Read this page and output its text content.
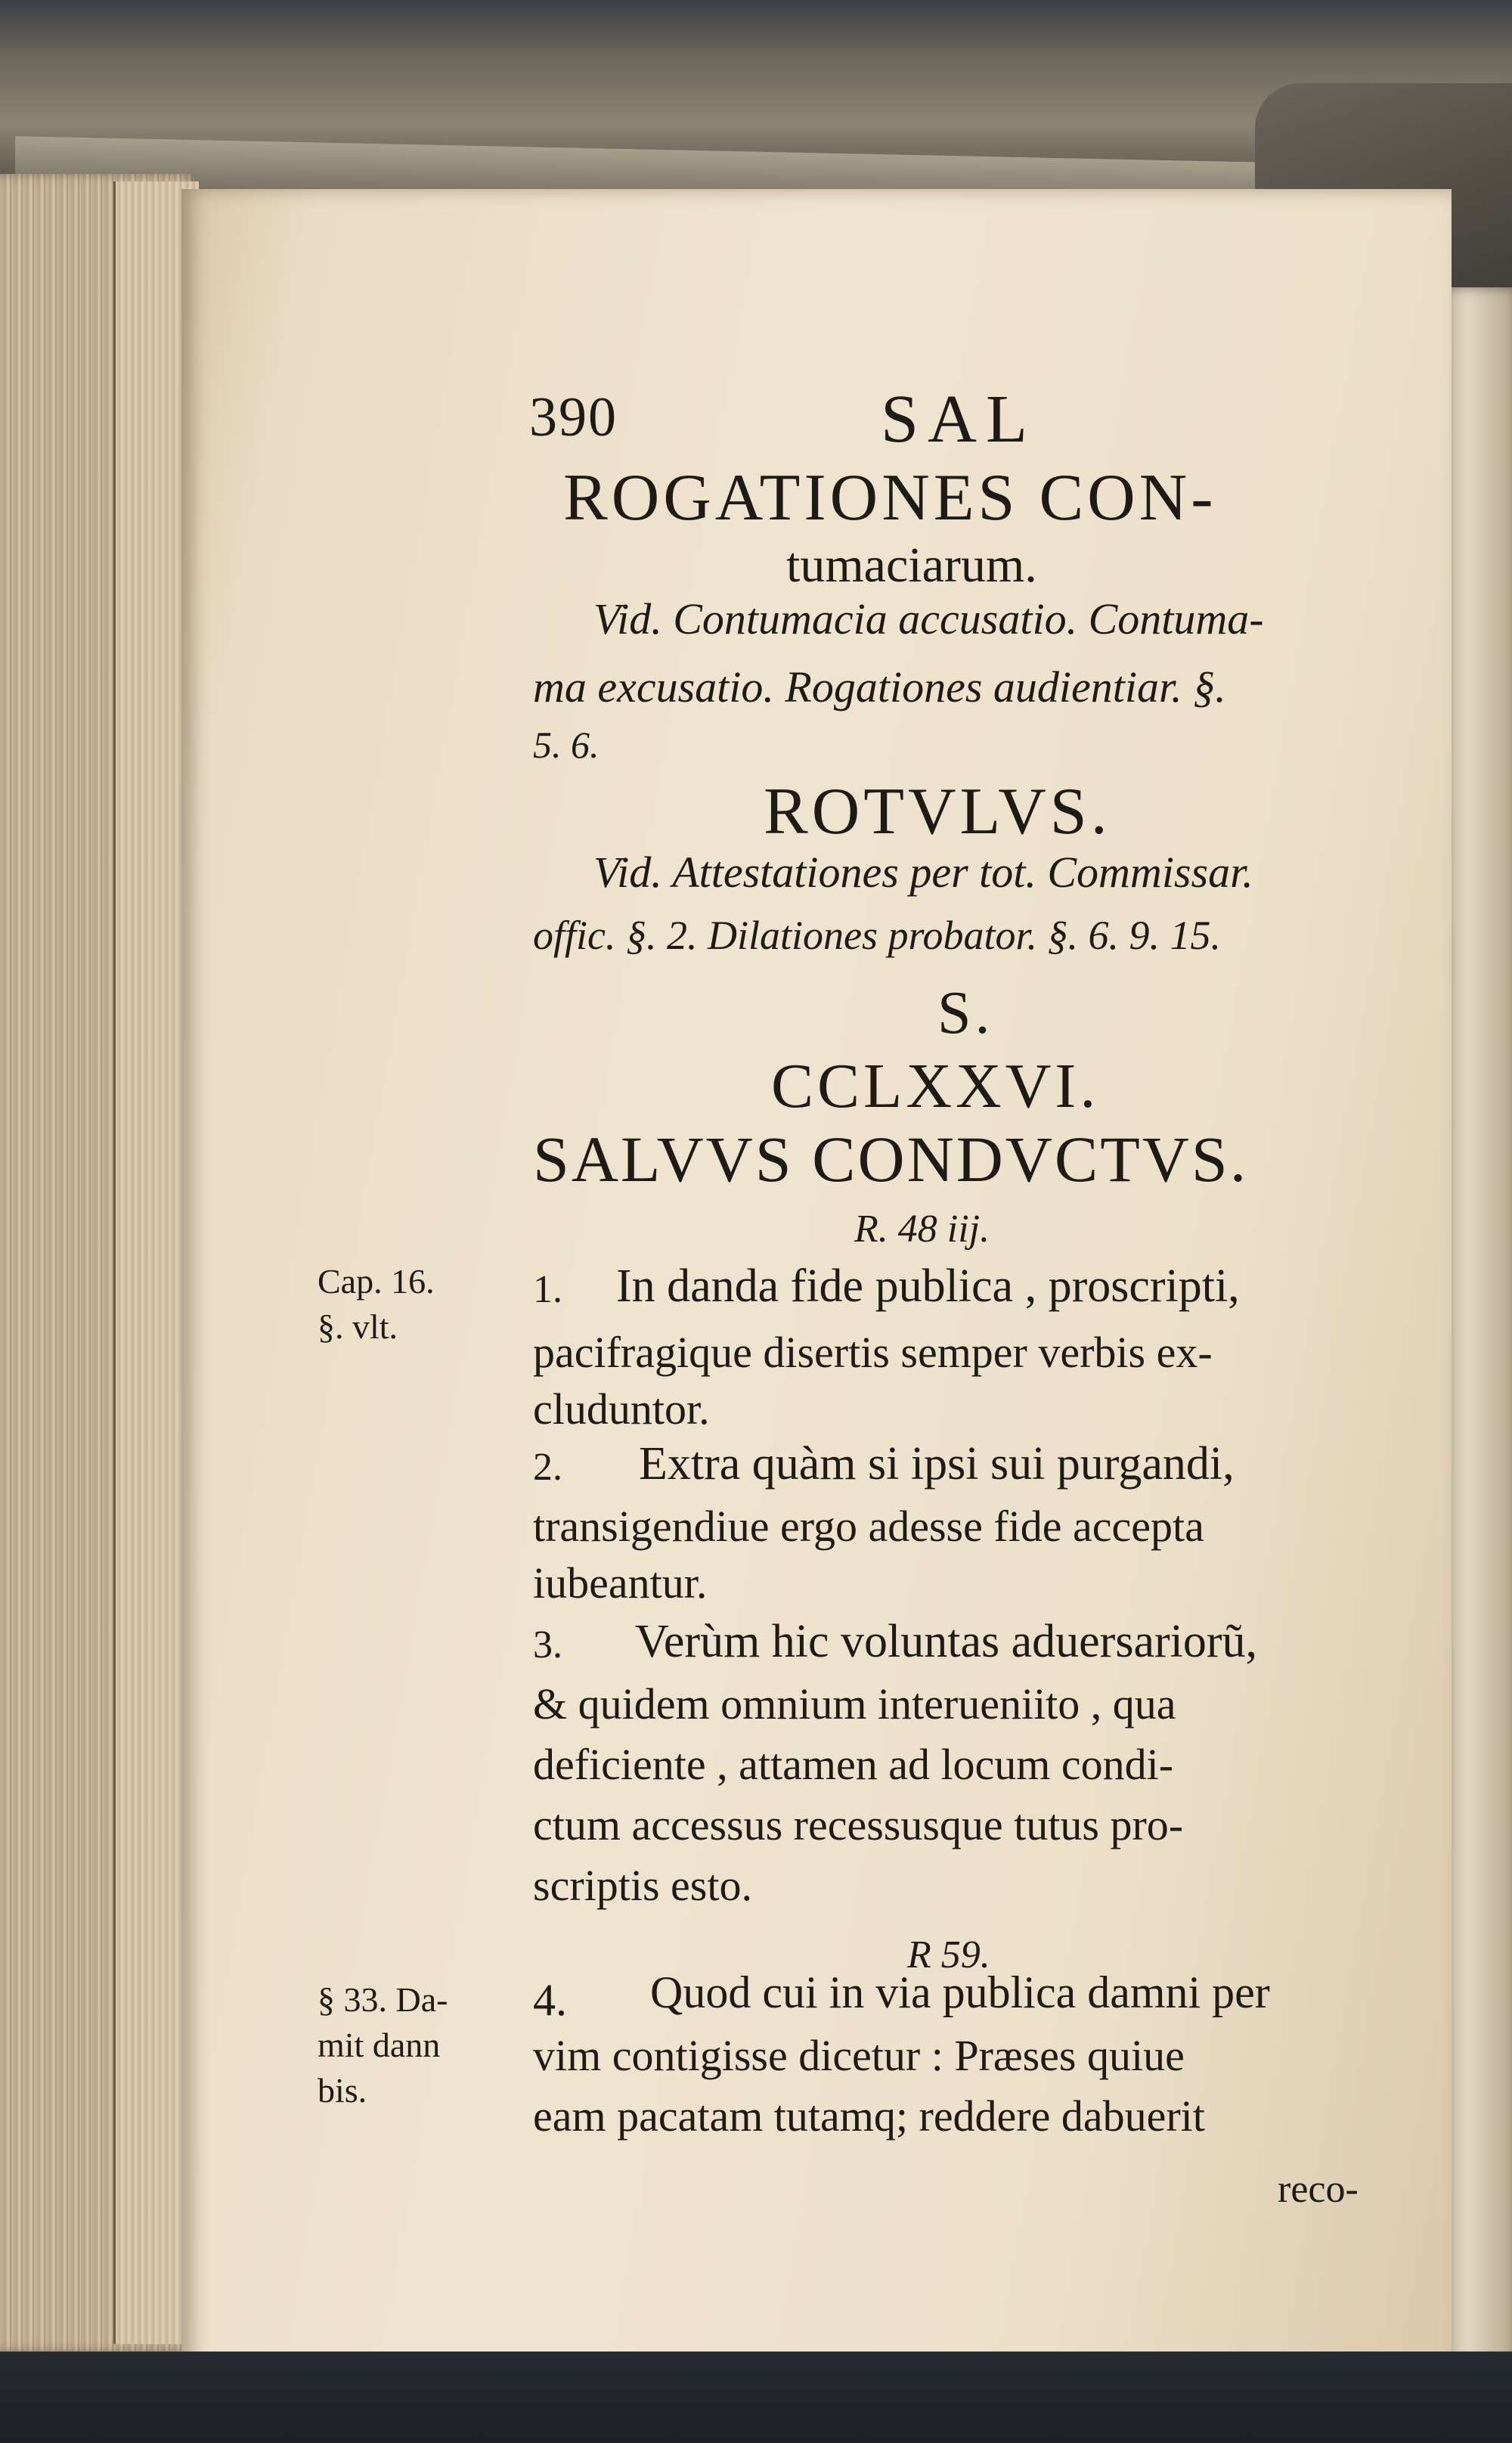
390	SAL
ROGATIONES CON-
tumaciarum.
Vid. Contumacia accusatio. Contuma-
ma excusatio. Rogationes audientiar. §.
5. 6.
ROTVLVS.
Vid. Attestationes per tot. Commissar.
offic. §. 2. Dilationes probator. §. 6. 9. 15.
S.
CCLXXVI.
SALVVS CONDVCTVS.
R. 48 iij.
Cap. 16.
§. vlt.
1. In danda fide publica , proscripti,
pacifragique disertis semper verbis ex-
cluduntor.
2. Extra quàm si ipsi sui purgandi,
transigendiue ergo adesse fide accepta
iubeantur.
3. Verùm hic voluntas aduersariorũ,
& quidem omnium interueniito , qua
deficiente , attamen ad locum condi-
ctum accessus recessusque tutus pro-
scriptis esto.
R 59.
§ 33. Da-
mit dann
bis.
4. Quod cui in via publica damni per
vim contigisse dicetur : Præses quiue
eam pacatam tutamq; reddere dabuerit
reco-
